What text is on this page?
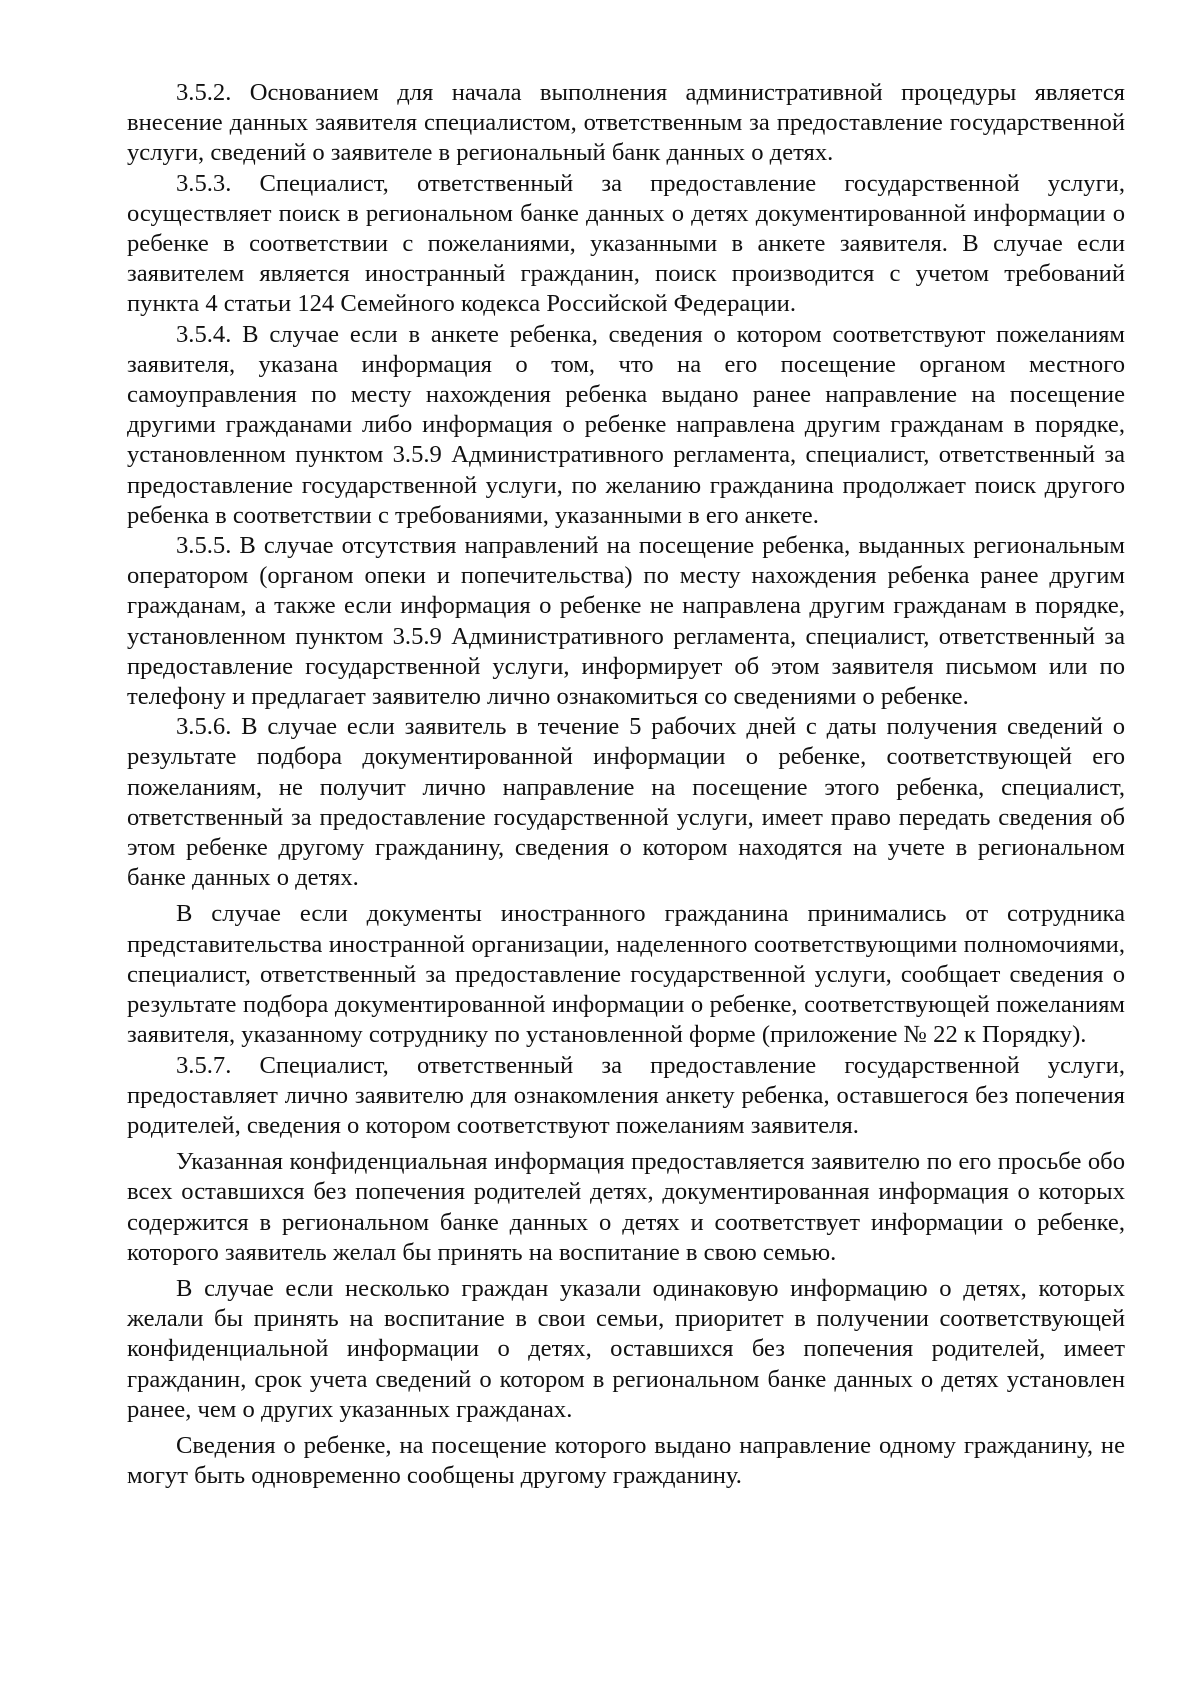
3.5.2. Основанием для начала выполнения административной процедуры является внесение данных заявителя специалистом, ответственным за предоставление государственной услуги, сведений о заявителе в региональный банк данных о детях.

3.5.3. Специалист, ответственный за предоставление государственной услуги, осуществляет поиск в региональном банке данных о детях документированной информации о ребенке в соответствии с пожеланиями, указанными в анкете заявителя. В случае если заявителем является иностранный гражданин, поиск производится с учетом требований пункта 4 статьи 124 Семейного кодекса Российской Федерации.

3.5.4. В случае если в анкете ребенка, сведения о котором соответствуют пожеланиям заявителя, указана информация о том, что на его посещение органом местного самоуправления по месту нахождения ребенка выдано ранее направление на посещение другими гражданами либо информация о ребенке направлена другим гражданам в порядке, установленном пунктом 3.5.9 Административного регламента, специалист, ответственный за предоставление государственной услуги, по желанию гражданина продолжает поиск другого ребенка в соответствии с требованиями, указанными в его анкете.

3.5.5. В случае отсутствия направлений на посещение ребенка, выданных региональным оператором (органом опеки и попечительства) по месту нахождения ребенка ранее другим гражданам, а также если информация о ребенке не направлена другим гражданам в порядке, установленном пунктом 3.5.9 Административного регламента, специалист, ответственный за предоставление государственной услуги, информирует об этом заявителя письмом или по телефону и предлагает заявителю лично ознакомиться со сведениями о ребенке.

3.5.6. В случае если заявитель в течение 5 рабочих дней с даты получения сведений о результате подбора документированной информации о ребенке, соответствующей его пожеланиям, не получит лично направление на посещение этого ребенка, специалист, ответственный за предоставление государственной услуги, имеет право передать сведения об этом ребенке другому гражданину, сведения о котором находятся на учете в региональном банке данных о детях.

В случае если документы иностранного гражданина принимались от сотрудника представительства иностранной организации, наделенного соответствующими полномочиями, специалист, ответственный за предоставление государственной услуги, сообщает сведения о результате подбора документированной информации о ребенке, соответствующей пожеланиям заявителя, указанному сотруднику по установленной форме (приложение № 22 к Порядку).

3.5.7. Специалист, ответственный за предоставление государственной услуги, предоставляет лично заявителю для ознакомления анкету ребенка, оставшегося без попечения родителей, сведения о котором соответствуют пожеланиям заявителя.

Указанная конфиденциальная информация предоставляется заявителю по его просьбе обо всех оставшихся без попечения родителей детях, документированная информация о которых содержится в региональном банке данных о детях и соответствует информации о ребенке, которого заявитель желал бы принять на воспитание в свою семью.

В случае если несколько граждан указали одинаковую информацию о детях, которых желали бы принять на воспитание в свои семьи, приоритет в получении соответствующей конфиденциальной информации о детях, оставшихся без попечения родителей, имеет гражданин, срок учета сведений о котором в региональном банке данных о детях установлен ранее, чем о других указанных гражданах.

Сведения о ребенке, на посещение которого выдано направление одному гражданину, не могут быть одновременно сообщены другому гражданину.
